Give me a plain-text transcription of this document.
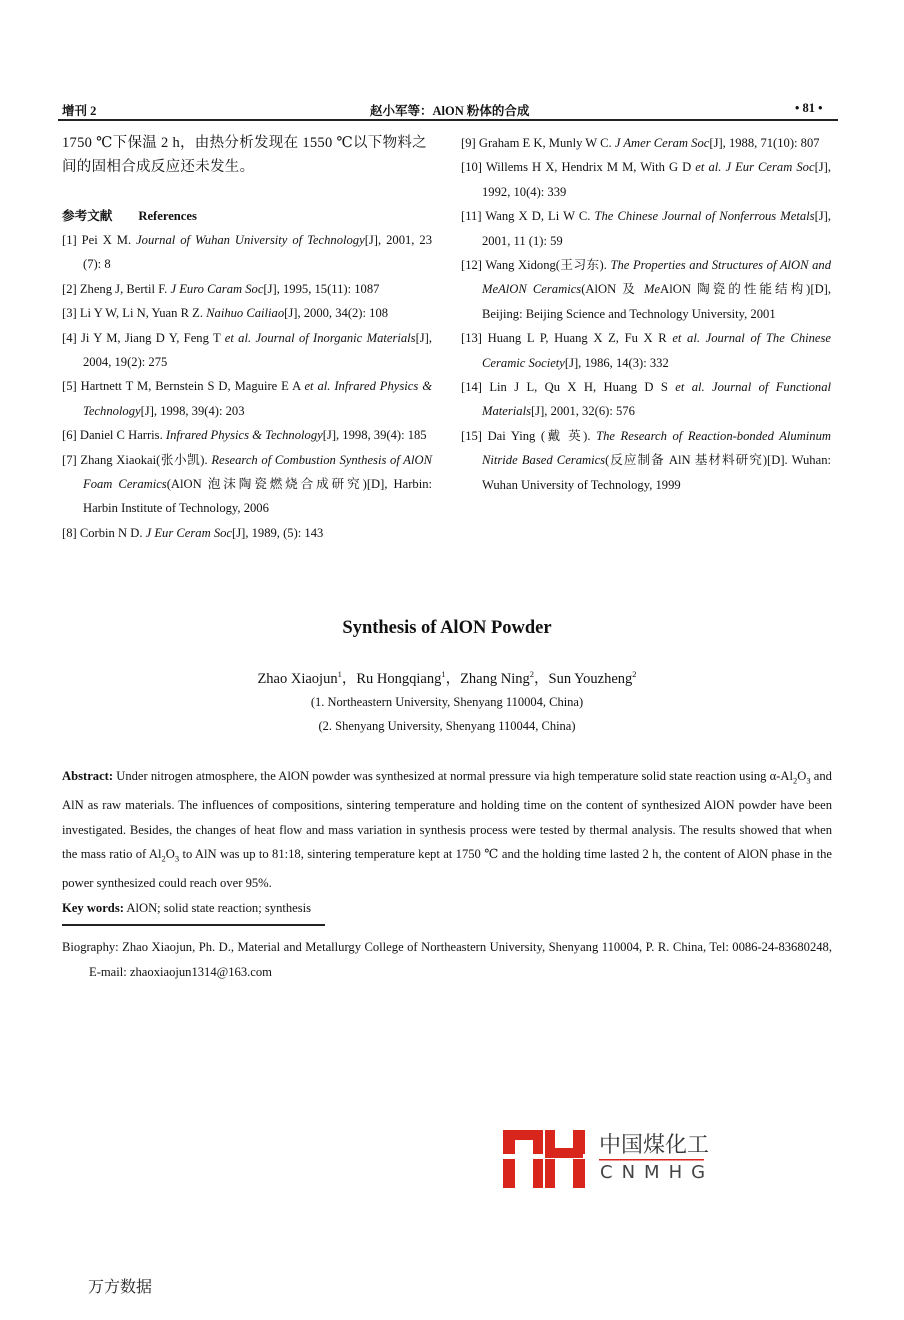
增刊 2	赵小军等：AlON 粉体的合成	• 81 •
1750 ℃下保温 2 h，由热分析发现在 1550 ℃以下物料之间的固相合成反应还未发生。
参考文献 References
[1] Pei X M. Journal of Wuhan University of Technology[J], 2001, 23 (7): 8
[2] Zheng J, Bertil F. J Euro Caram Soc[J], 1995, 15(11): 1087
[3] Li Y W, Li N, Yuan R Z. Naihuo Cailiao[J], 2000, 34(2): 108
[4] Ji Y M, Jiang D Y, Feng T et al. Journal of Inorganic Materials[J], 2004, 19(2): 275
[5] Hartnett T M, Bernstein S D, Maguire E A et al. Infrared Physics & Technology[J], 1998, 39(4): 203
[6] Daniel C Harris. Infrared Physics & Technology[J], 1998, 39(4): 185
[7] Zhang Xiaokai(张小凯). Research of Combustion Synthesis of AlON Foam Ceramics(AlON 泡沫陶瓷燃烧合成研究)[D], Harbin: Harbin Institute of Technology, 2006
[8] Corbin N D. J Eur Ceram Soc[J], 1989, (5): 143
[9] Graham E K, Munly W C. J Amer Ceram Soc[J], 1988, 71(10): 807
[10] Willems H X, Hendrix M M, With G D et al. J Eur Ceram Soc[J], 1992, 10(4): 339
[11] Wang X D, Li W C. The Chinese Journal of Nonferrous Metals[J], 2001, 11 (1): 59
[12] Wang Xidong(王习东). The Properties and Structures of AlON and MeAlON Ceramics(AlON 及 MeAlON 陶瓷的性能结构)[D], Beijing: Beijing Science and Technology University, 2001
[13] Huang L P, Huang X Z, Fu X R et al. Journal of The Chinese Ceramic Society[J], 1986, 14(3): 332
[14] Lin J L, Qu X H, Huang D S et al. Journal of Functional Materials[J], 2001, 32(6): 576
[15] Dai Ying (戴 英). The Research of Reaction-bonded Aluminum Nitride Based Ceramics(反应制备 AlN 基材料研究)[D]. Wuhan: Wuhan University of Technology, 1999
Synthesis of AlON Powder
Zhao Xiaojun$^1$，Ru Hongqiang$^1$，Zhang Ning$^2$，Sun Youzheng$^2$
(1. Northeastern University, Shenyang 110004, China)
(2. Shenyang University, Shenyang 110044, China)
Abstract: Under nitrogen atmosphere, the AlON powder was synthesized at normal pressure via high temperature solid state reaction using $\alpha-Al_2O_3$ and AlN as raw materials. The influences of compositions, sintering temperature and holding time on the content of synthesized AlON powder have been investigated. Besides, the changes of heat flow and mass variation in synthesis process were tested by thermal analysis. The results showed that when the mass ratio of $Al_2O_3$ to AlN was up to 81:18, sintering temperature kept at 1750 ℃ and the holding time lasted 2 h, the content of AlON phase in the power synthesized could reach over 95%.
Key words: AlON; solid state reaction; synthesis
Biography: Zhao Xiaojun, Ph. D., Material and Metallurgy College of Northeastern University, Shenyang 110004, P. R. China, Tel: 0086-24-83680248, E-mail: zhaoxiaojun1314@163.com
中国煤化工
CNMHG
万方数据
